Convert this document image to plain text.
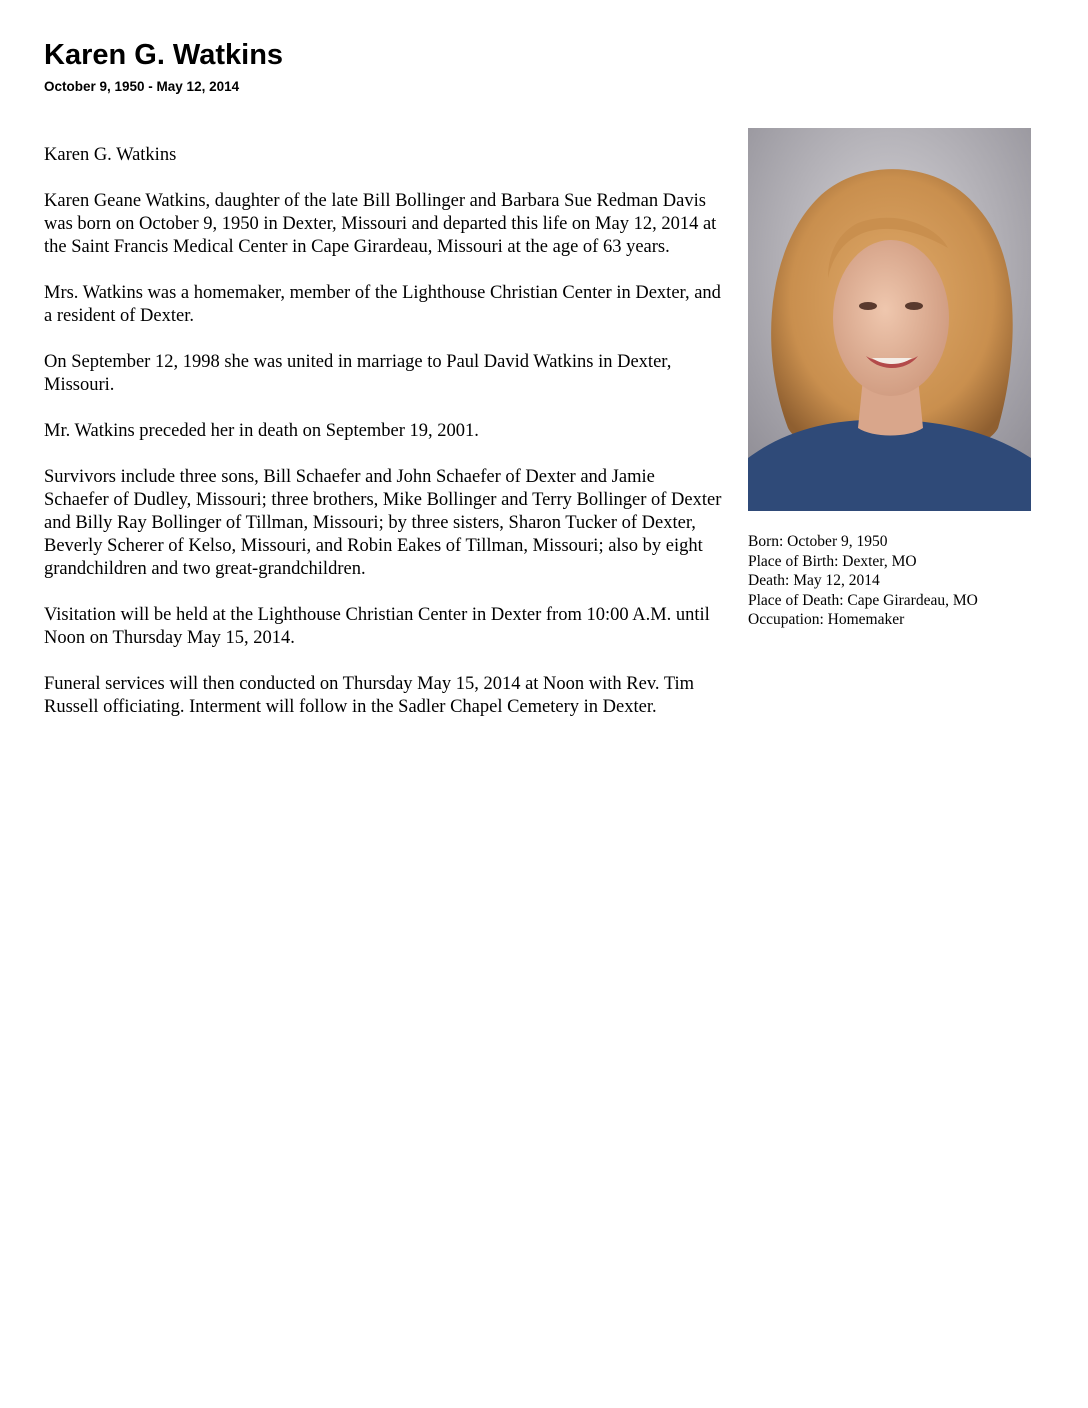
Karen G. Watkins
October 9, 1950 - May 12, 2014

Karen G. Watkins

Karen Geane Watkins, daughter of the late Bill Bollinger and Barbara Sue Redman Davis was born on October 9, 1950 in Dexter, Missouri and departed this life on May 12, 2014 at the Saint Francis Medical Center in Cape Girardeau, Missouri at the age of 63 years.

Mrs. Watkins was a homemaker, member of the Lighthouse Christian Center in Dexter, and a resident of Dexter.

On September 12, 1998 she was united in marriage to Paul David Watkins in Dexter, Missouri.

Mr. Watkins preceded her in death on September 19, 2001.

Survivors include three sons, Bill Schaefer and John Schaefer of Dexter and Jamie Schaefer of Dudley, Missouri; three brothers, Mike Bollinger and Terry Bollinger of Dexter and Billy Ray Bollinger of Tillman, Missouri; by three sisters, Sharon Tucker of Dexter, Beverly Scherer of Kelso, Missouri, and Robin Eakes of Tillman, Missouri; also by eight grandchildren and two great-grandchildren.

Visitation will be held at the Lighthouse Christian Center in Dexter from 10:00 A.M. until Noon on Thursday May 15, 2014.

Funeral services will then conducted on Thursday May 15, 2014 at Noon with Rev. Tim Russell officiating. Interment will follow in the Sadler Chapel Cemetery in Dexter.

Born: October 9, 1950
Place of Birth: Dexter, MO
Death: May 12, 2014
Place of Death: Cape Girardeau, MO
Occupation: Homemaker
